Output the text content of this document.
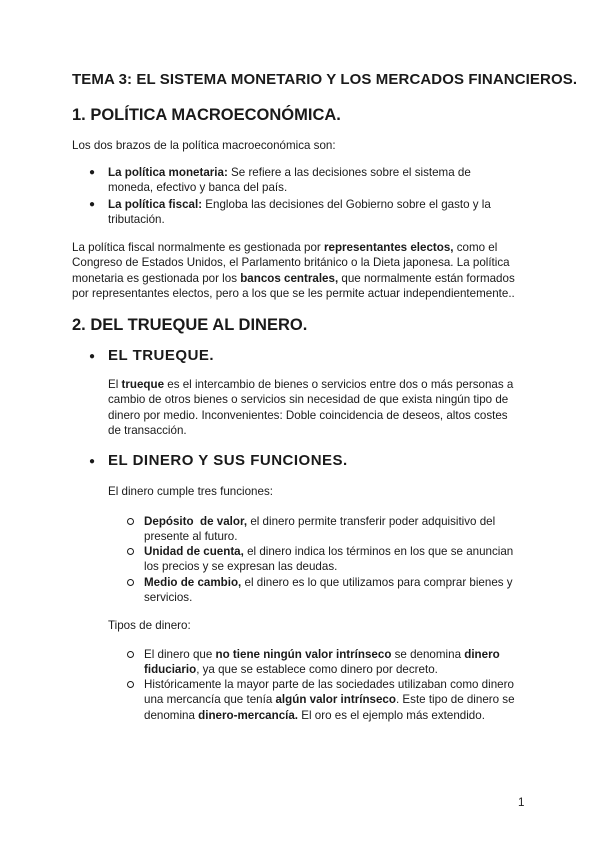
TEMA 3: EL SISTEMA MONETARIO Y LOS MERCADOS FINANCIEROS.
1. POLÍTICA MACROECONÓMICA.
Los dos brazos de la política macroeconómica son:
● La política monetaria: Se refiere a las decisiones sobre el sistema de moneda, efectivo y banca del país.
● La política fiscal: Engloba las decisiones del Gobierno sobre el gasto y la tributación.
La política fiscal normalmente es gestionada por representantes electos, como el Congreso de Estados Unidos, el Parlamento británico o la Dieta japonesa. La política monetaria es gestionada por los bancos centrales, que normalmente están formados por representantes electos, pero a los que se les permite actuar independientemente..
2. DEL TRUEQUE AL DINERO.
● EL TRUEQUE.
El trueque es el intercambio de bienes o servicios entre dos o más personas a cambio de otros bienes o servicios sin necesidad de que exista ningún tipo de dinero por medio. Inconvenientes: Doble coincidencia de deseos, altos costes de transacción.
● EL DINERO Y SUS FUNCIONES.
El dinero cumple tres funciones:
Depósito  de valor, el dinero permite transferir poder adquisitivo del presente al futuro.
Unidad de cuenta, el dinero indica los términos en los que se anuncian los precios y se expresan las deudas.
Medio de cambio, el dinero es lo que utilizamos para comprar bienes y servicios.
Tipos de dinero:
El dinero que no tiene ningún valor intrínseco se denomina dinero fiduciario, ya que se establece como dinero por decreto.
Históricamente la mayor parte de las sociedades utilizaban como dinero una mercancía que tenía algún valor intrínseco. Este tipo de dinero se denomina dinero-mercancía. El oro es el ejemplo más extendido.
1
